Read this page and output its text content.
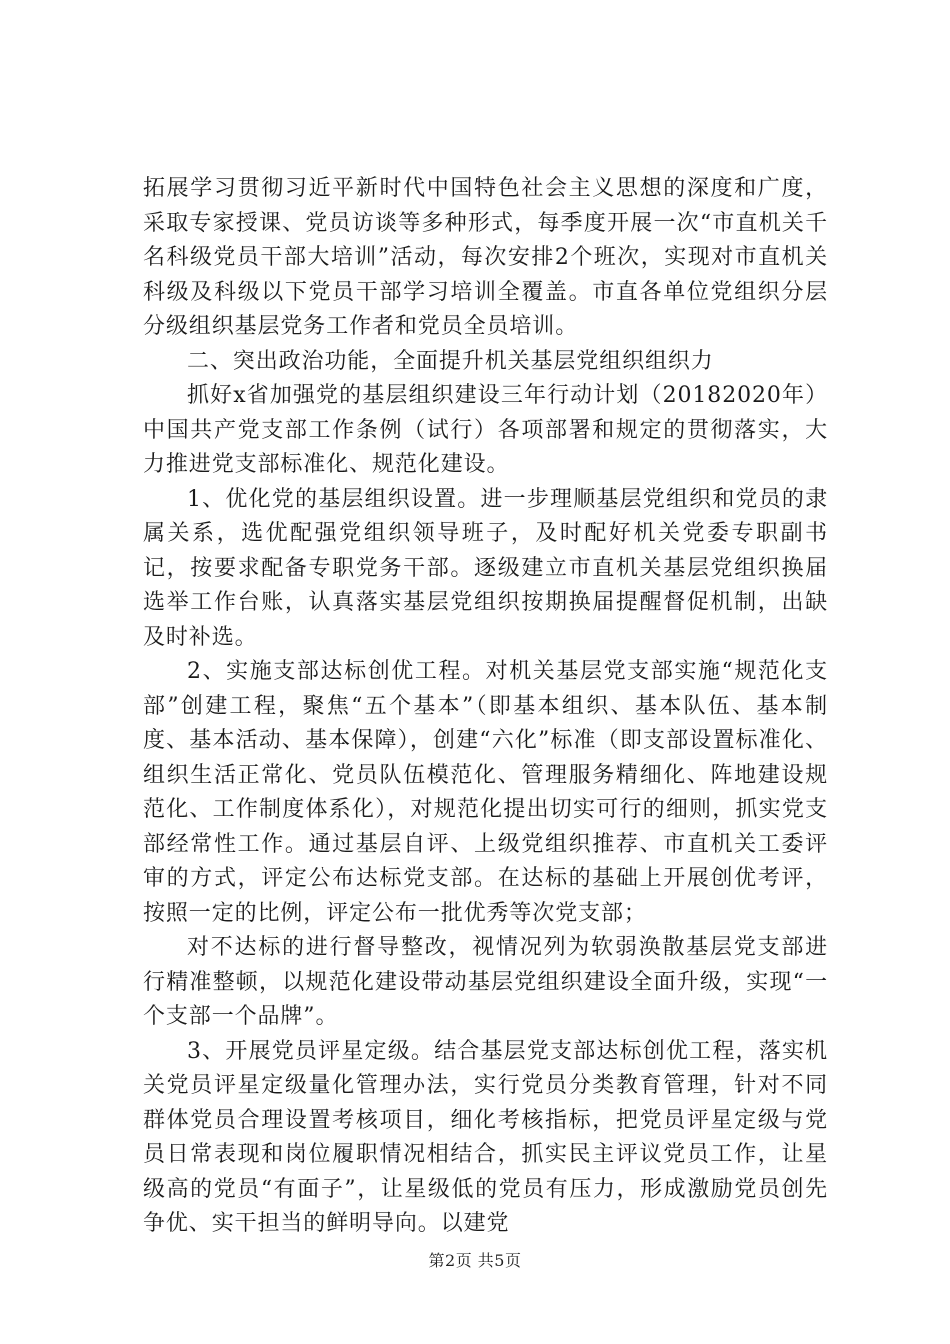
拓展学习贯彻习近平新时代中国特色社会主义思想的深度和广度，采取专家授课、党员访谈等多种形式，每季度开展一次“市直机关千名科级党员干部大培训”活动，每次安排2个班次，实现对市直机关科级及科级以下党员干部学习培训全覆盖。市直各单位党组织分层分级组织基层党务工作者和党员全员培训。

二、突出政治功能，全面提升机关基层党组织组织力

抓好x省加强党的基层组织建设三年行动计划（20182020年）中国共产党支部工作条例（试行）各项部署和规定的贯彻落实，大力推进党支部标准化、规范化建设。

1、优化党的基层组织设置。进一步理顺基层党组织和党员的隶属关系，选优配强党组织领导班子，及时配好机关党委专职副书记，按要求配备专职党务干部。逐级建立市直机关基层党组织换届选举工作台账，认真落实基层党组织按期换届提醒督促机制，出缺及时补选。

2、实施支部达标创优工程。对机关基层党支部实施“规范化支部”创建工程，聚焦“五个基本”（即基本组织、基本队伍、基本制度、基本活动、基本保障），创建“六化”标准（即支部设置标准化、组织生活正常化、党员队伍模范化、管理服务精细化、阵地建设规范化、工作制度体系化），对规范化提出切实可行的细则，抓实党支部经常性工作。通过基层自评、上级党组织推荐、市直机关工委评审的方式，评定公布达标党支部。在达标的基础上开展创优考评，按照一定的比例，评定公布一批优秀等次党支部；

对不达标的进行督导整改，视情况列为软弱涣散基层党支部进行精准整顿，以规范化建设带动基层党组织建设全面升级，实现“一个支部一个品牌”。

3、开展党员评星定级。结合基层党支部达标创优工程，落实机关党员评星定级量化管理办法，实行党员分类教育管理，针对不同群体党员合理设置考核项目，细化考核指标，把党员评星定级与党员日常表现和岗位履职情况相结合，抓实民主评议党员工作，让星级高的党员“有面子”，让星级低的党员有压力，形成激励党员创先争优、实干担当的鲜明导向。以建党

第2页 共5页
